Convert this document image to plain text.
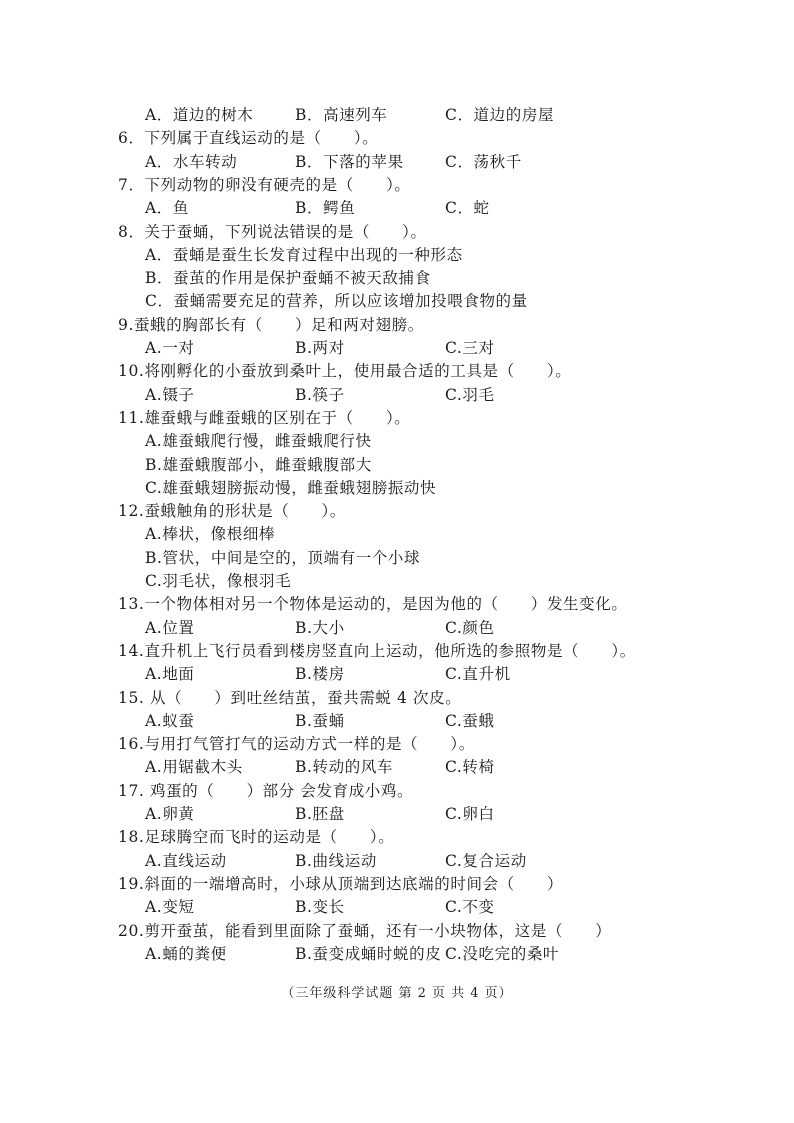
A．道边的树木	B．高速列车	C．道边的房屋
6．下列属于直线运动的是（　　）。
A．水车转动	B．下落的苹果	C．荡秋千
7．下列动物的卵没有硬壳的是（　　）。
A．鱼	B．鳄鱼	C．蛇
8．关于蚕蛹，下列说法错误的是（　　）。
A．蚕蛹是蚕生长发育过程中出现的一种形态
B．蚕茧的作用是保护蚕蛹不被天敌捕食
C．蚕蛹需要充足的营养，所以应该增加投喂食物的量
9.蚕蛾的胸部长有（　　）足和两对翅膀。
A.一对	B.两对	C.三对
10.将刚孵化的小蚕放到桑叶上，使用最合适的工具是（　　）。
A.镊子	B.筷子	C.羽毛
11.雄蚕蛾与雌蚕蛾的区别在于（　　）。
A.雄蚕蛾爬行慢，雌蚕蛾爬行快
B.雄蚕蛾腹部小，雌蚕蛾腹部大
C.雄蚕蛾翅膀振动慢，雌蚕蛾翅膀振动快
12.蚕蛾触角的形状是（　　）。
A.棒状，像根细棒
B.管状，中间是空的，顶端有一个小球
C.羽毛状，像根羽毛
13.一个物体相对另一个物体是运动的，是因为他的（　　）发生变化。
A.位置	B.大小	C.颜色
14.直升机上飞行员看到楼房竖直向上运动，他所选的参照物是（　　）。
A.地面	B.楼房	C.直升机
15. 从（　　）到吐丝结茧，蚕共需蜕 4 次皮。
A.蚁蚕	B.蚕蛹	C.蚕蛾
16.与用打气管打气的运动方式一样的是（　　）。
A.用锯截木头	B.转动的风车	C.转椅
17. 鸡蛋的（　　）部分 会发育成小鸡。
A.卵黄	B.胚盘	C.卵白
18.足球腾空而飞时的运动是（　　）。
A.直线运动	B.曲线运动	C.复合运动
19.斜面的一端增高时，小球从顶端到达底端的时间会（　　）
A.变短	B.变长	C.不变
20.剪开蚕茧，能看到里面除了蚕蛹，还有一小块物体，这是（　　）
A.蛹的粪便	B.蚕变成蛹时蜕的皮 C.没吃完的桑叶
（三年级科学试题 第 2 页 共 4 页）
